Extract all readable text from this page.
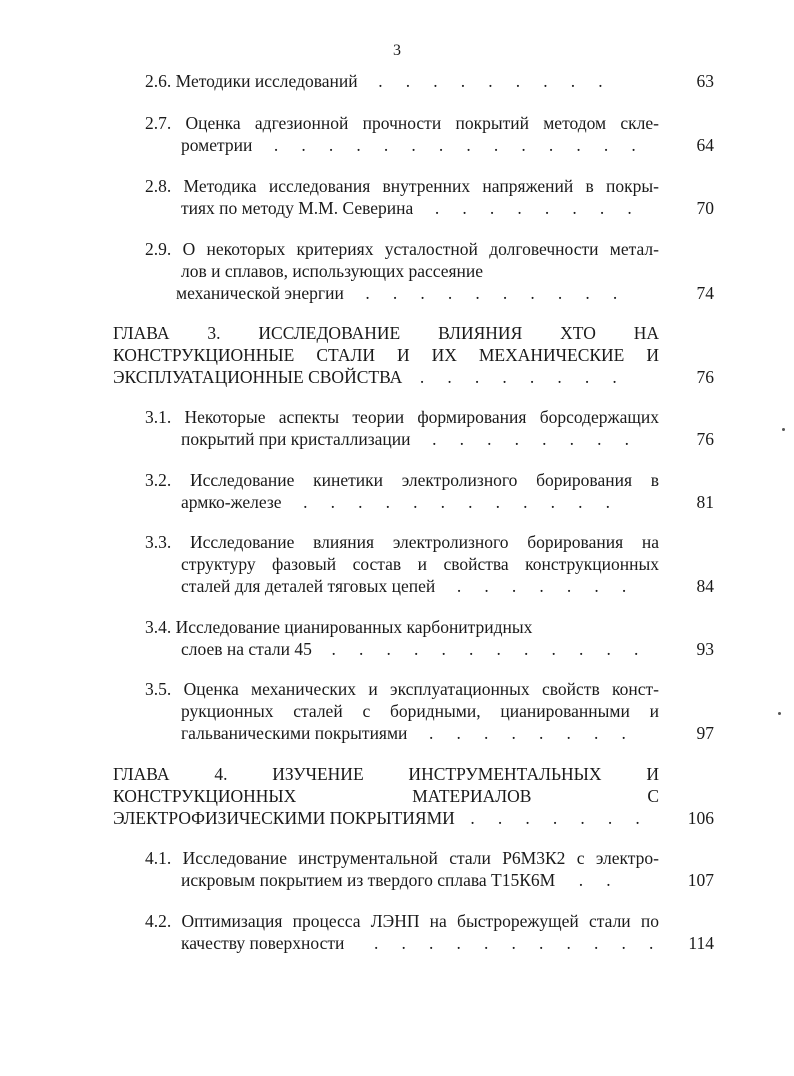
3
2.6. Методики исследований . . . . . . . . .	63
2.7. Оценка адгезионной прочности покрытий методом скле-
рометрии . . . . . . . . . . . . . .	64
2.8. Методика исследования внутренних напряжений в покры-
тиях по методу М.М. Северина . . . . . . . .	70
2.9. О некоторых критериях усталостной долговечности метал-
лов и сплавов, использующих рассеяние
механической энергии . . . . . . . . . .	74
ГЛАВА 3. ИССЛЕДОВАНИЕ ВЛИЯНИЯ ХТО НА
КОНСТРУКЦИОННЫЕ СТАЛИ И ИХ МЕХАНИЧЕСКИЕ И
ЭКСПЛУАТАЦИОННЫЕ СВОЙСТВА . . . . . . . .	76
3.1. Некоторые аспекты теории формирования борсодержащих
покрытий при кристаллизации . . . . . . . .	76
3.2. Исследование кинетики электролизного борирования в
армко-железе . . . . . . . . . . . .	81
3.3. Исследование влияния электролизного борирования на
структуру фазовый состав и свойства конструкционных
сталей для деталей тяговых цепей . . . . . . .	84
3.4. Исследование цианированных карбонитридных
слоев на стали 45 . . . . . . . . . . . .	93
3.5. Оценка механических и эксплуатационных свойств конст-
рукционных сталей с боридными, цианированными и
гальваническими покрытиями . . . . . . . .	97
ГЛАВА 4. ИЗУЧЕНИЕ ИНСТРУМЕНТАЛЬНЫХ И
КОНСТРУКЦИОННЫХ МАТЕРИАЛОВ С
ЭЛЕКТРОФИЗИЧЕСКИМИ ПОКРЫТИЯМИ . . . . . . .	106
4.1. Исследование инструментальной стали Р6М3К2 с электро-
искровым покрытием из твердого сплава Т15К6М . .	107
4.2. Оптимизация процесса ЛЭНП на быстрорежущей стали по
качеству поверхности . . . . . . . . . . .	114
